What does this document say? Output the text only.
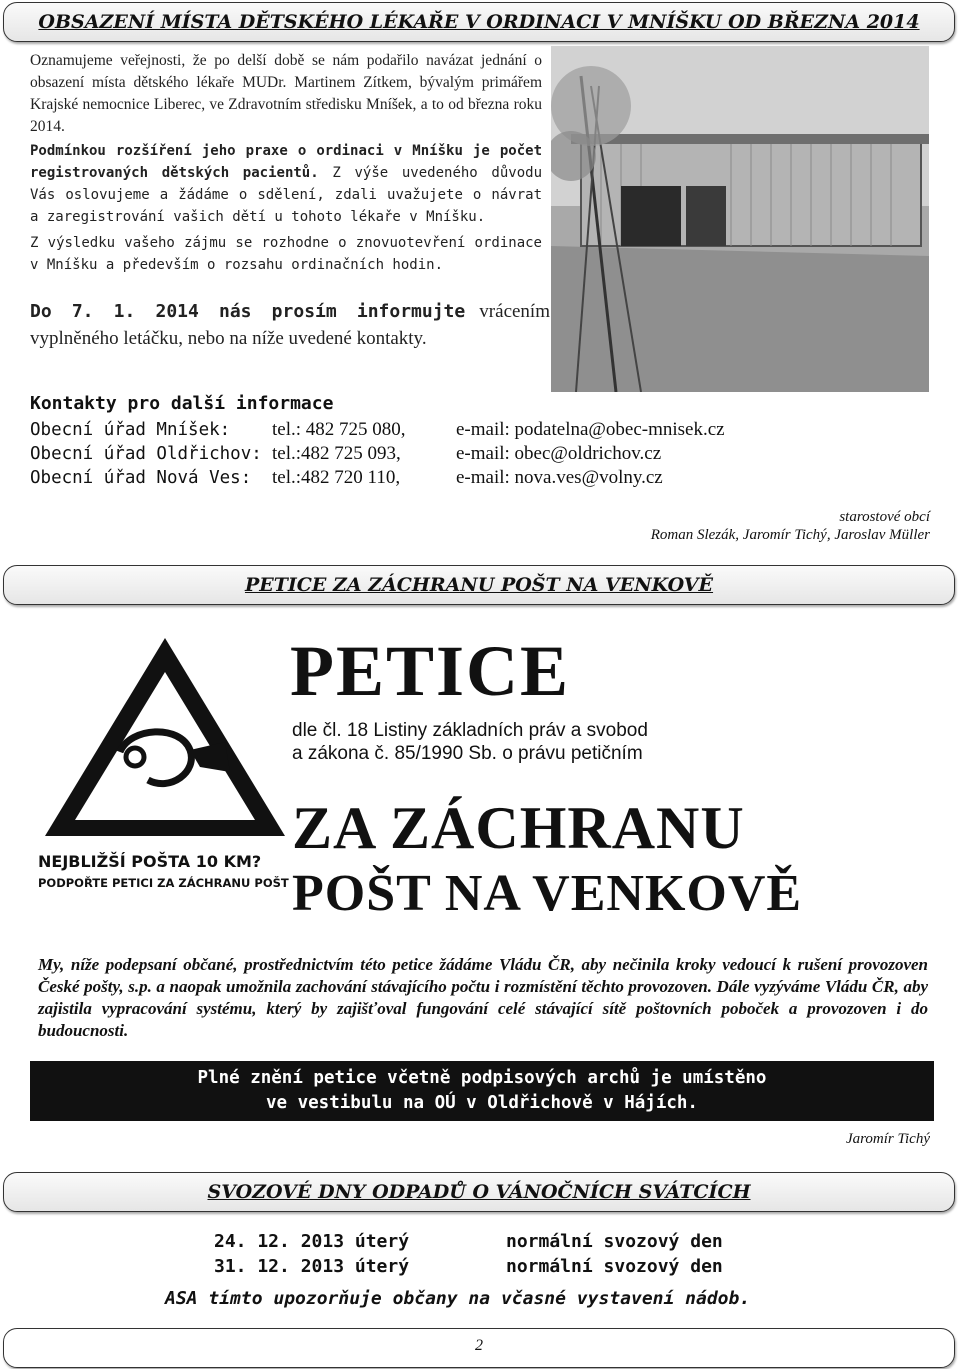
OBSAZENÍ MÍSTA DĚTSKÉHO LÉKAŘE V ORDINACI V MNÍŠKU OD BŘEZNA 2014
Oznamujeme veřejnosti, že po delší době se nám podařilo navázat jednání o obsazení místa dětského lékaře MUDr. Martinem Zítkem, bývalým primářem Krajské nemocnice Liberec, ve Zdravotním středisku Mníšek, a to od března roku 2014.
Podmínkou rozšíření jeho praxe o ordinaci v Mníšku je počet registrovaných dětských pacientů. Z výše uvedeného důvodu Vás oslovujeme a žádáme o sdělení, zdali uvažujete o návrat a zaregistrování vašich dětí u tohoto lékaře v Mníšku.
Z výsledku vašeho zájmu se rozhodne o znovuotevření ordinace v Mníšku a především o rozsahu ordinačních hodin.
Do 7. 1. 2014 nás prosím informujte vrácením vyplněného letáčku, nebo na níže uvedené kontakty.
Kontakty pro další informace
Obecní úřad Mníšek: tel.: 482 725 080,	e-mail: podatelna@obec-mnisek.cz
Obecní úřad Oldřichov: tel.:482 725 093,	e-mail: obec@oldrichov.cz
Obecní úřad Nová Ves: tel.:482 720 110,	e-mail: nova.ves@volny.cz
starostové obcí
Roman Slezák, Jaromír Tichý, Jaroslav Müller
PETICE ZA ZÁCHRANU POŠT NA VENKOVĚ
PETICE
dle čl. 18 Listiny základních práv a svobod
a zákona č. 85/1990 Sb. o právu petičním
ZA ZÁCHRANU
POŠT NA VENKOVĚ
NEJBLIŽŠÍ POŠTA 10 KM?
PODPOŘTE PETICI ZA ZÁCHRANU POŠT
My, níže podepsaní občané, prostřednictvím této petice žádáme Vládu ČR, aby nečinila kroky vedoucí k rušení provozoven České pošty, s.p. a naopak umožnila zachování stávajícího počtu i rozmístění těchto provozoven. Dále vyzýváme Vládu ČR, aby zajistila vypracování systému, který by zajišťoval fungování celé stávající sítě poštovních poboček a provozoven i do budoucnosti.
Plné znění petice včetně podpisových archů je umístěno
ve vestibulu na OÚ v Oldřichově v Hájích.
Jaromír Tichý
SVOZOVÉ DNY ODPADŮ O VÁNOČNÍCH SVÁTCÍCH
24. 12. 2013 úterý	normální svozový den
31. 12. 2013 úterý	normální svozový den
ASA tímto upozorňuje občany na včasné vystavení nádob.
2
